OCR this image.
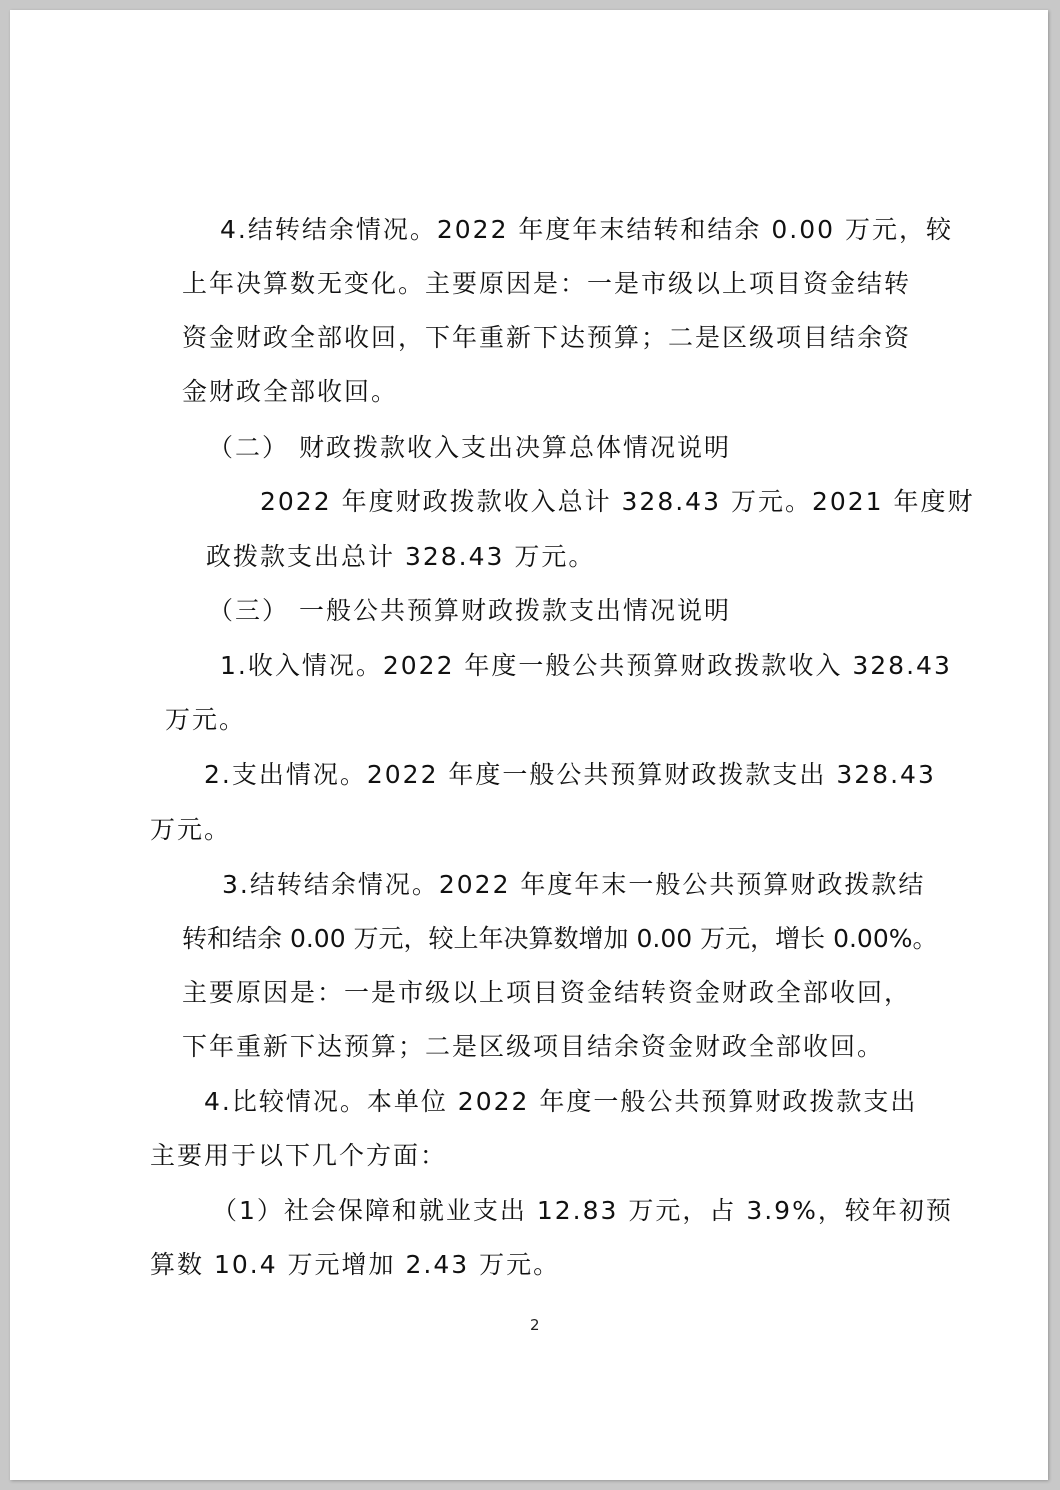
4.结转结余情况。2022 年度年末结转和结余 0.00 万元，较
上年决算数无变化。主要原因是：一是市级以上项目资金结转
资金财政全部收回，下年重新下达预算；二是区级项目结余资
金财政全部收回。
（二） 财政拨款收入支出决算总体情况说明
2022 年度财政拨款收入总计 328.43 万元。2021 年度财
政拨款支出总计 328.43 万元。
（三） 一般公共预算财政拨款支出情况说明
1.收入情况。2022 年度一般公共预算财政拨款收入 328.43
万元。
2.支出情况。2022 年度一般公共预算财政拨款支出 328.43
万元。
3.结转结余情况。2022 年度年末一般公共预算财政拨款结
转和结余 0.00 万元，较上年决算数增加 0.00 万元，增长 0.00%。
主要原因是：一是市级以上项目资金结转资金财政全部收回，
下年重新下达预算；二是区级项目结余资金财政全部收回。
4.比较情况。本单位 2022 年度一般公共预算财政拨款支出
主要用于以下几个方面：
（1）社会保障和就业支出 12.83 万元，占 3.9%，较年初预
算数 10.4 万元增加 2.43 万元。
2
